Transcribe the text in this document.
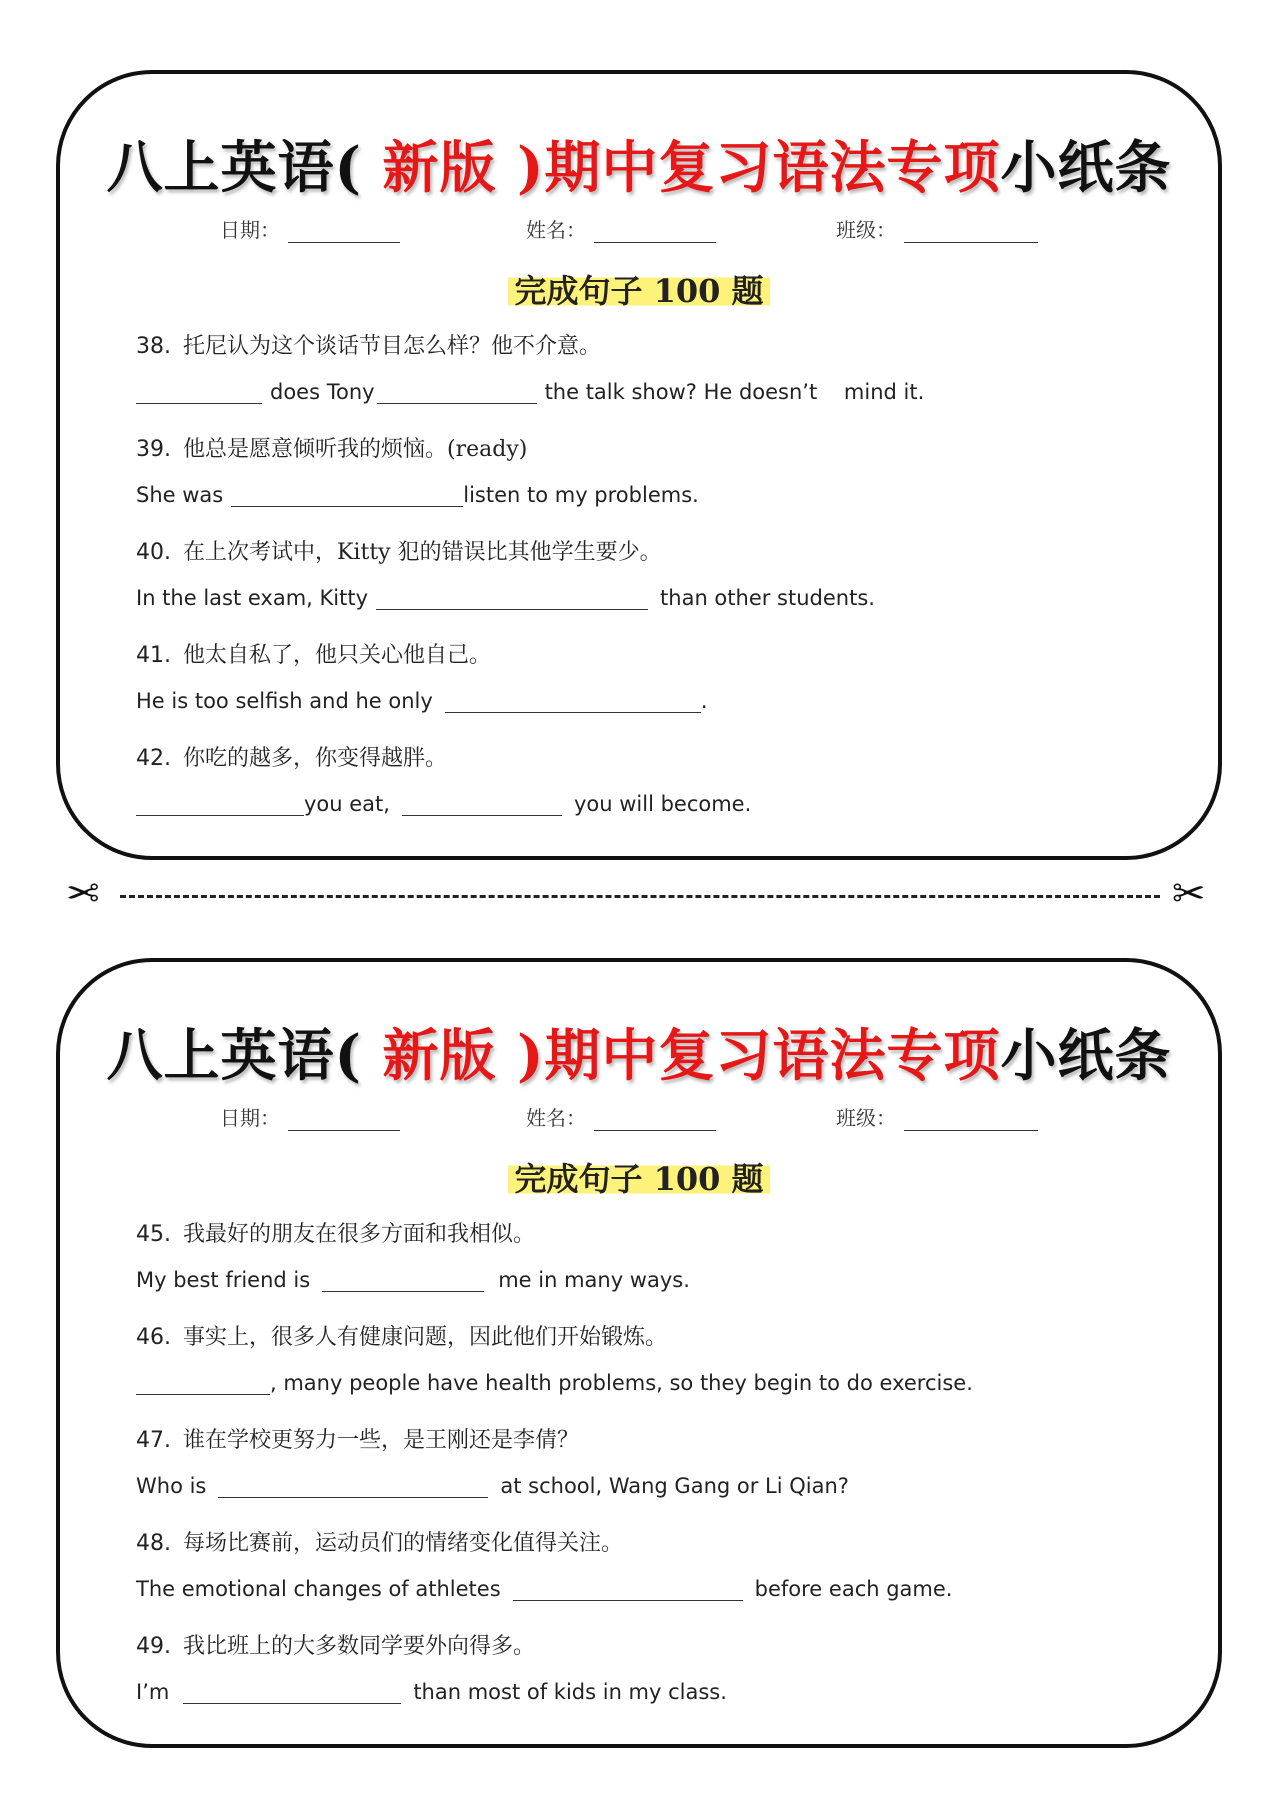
八上英语( 新版 )期中复习语法专项小纸条
日期：	姓名：	班级：
完成句子 100 题
38. 托尼认为这个谈话节目怎么样？他不介意。
does Tony	the talk show? He doesn’t    mind it.
39. 他总是愿意倾听我的烦恼。(ready)
She was	listen to my problems.
40. 在上次考试中，Kitty 犯的错误比其他学生要少。
In the last exam, Kitty	than other students.
41. 他太自私了，他只关心他自己。
He is too selfish and he only	.
42. 你吃的越多，你变得越胖。
you eat,	you will become.
✂	✂
八上英语( 新版 )期中复习语法专项小纸条
日期：	姓名：	班级：
完成句子 100 题
45. 我最好的朋友在很多方面和我相似。
My best friend is	me in many ways.
46. 事实上，很多人有健康问题，因此他们开始锻炼。
, many people have health problems, so they begin to do exercise.
47. 谁在学校更努力一些，是王刚还是李倩？
Who is	at school, Wang Gang or Li Qian?
48. 每场比赛前，运动员们的情绪变化值得关注。
The emotional changes of athletes	before each game.
49. 我比班上的大多数同学要外向得多。
I’m	than most of kids in my class.
